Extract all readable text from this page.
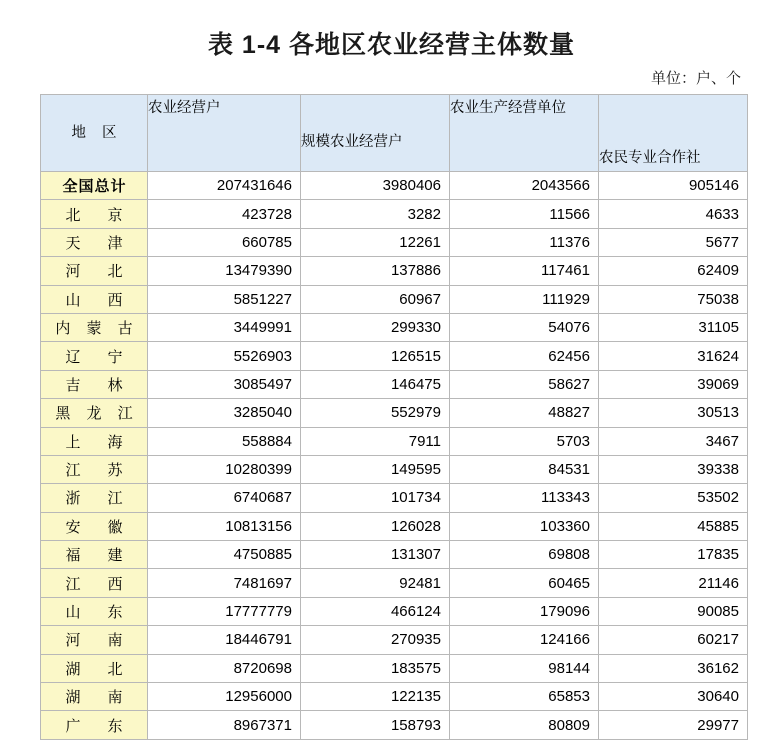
表 1-4 各地区农业经营主体数量
单位：户、个
地 区	农业经营户	规模农业经营户	农业生产经营单位	农民专业合作社
全国总计	207431646	3980406	2043566	905146
北　京	423728	3282	11566	4633
天　津	660785	12261	11376	5677
河　北	13479390	137886	117461	62409
山　西	5851227	60967	111929	75038
内 蒙 古	3449991	299330	54076	31105
辽　宁	5526903	126515	62456	31624
吉　林	3085497	146475	58627	39069
黑 龙 江	3285040	552979	48827	30513
上　海	558884	7911	5703	3467
江　苏	10280399	149595	84531	39338
浙　江	6740687	101734	113343	53502
安　徽	10813156	126028	103360	45885
福　建	4750885	131307	69808	17835
江　西	7481697	92481	60465	21146
山　东	17777779	466124	179096	90085
河　南	18446791	270935	124166	60217
湖　北	8720698	183575	98144	36162
湖　南	12956000	122135	65853	30640
广　东	8967371	158793	80809	29977
